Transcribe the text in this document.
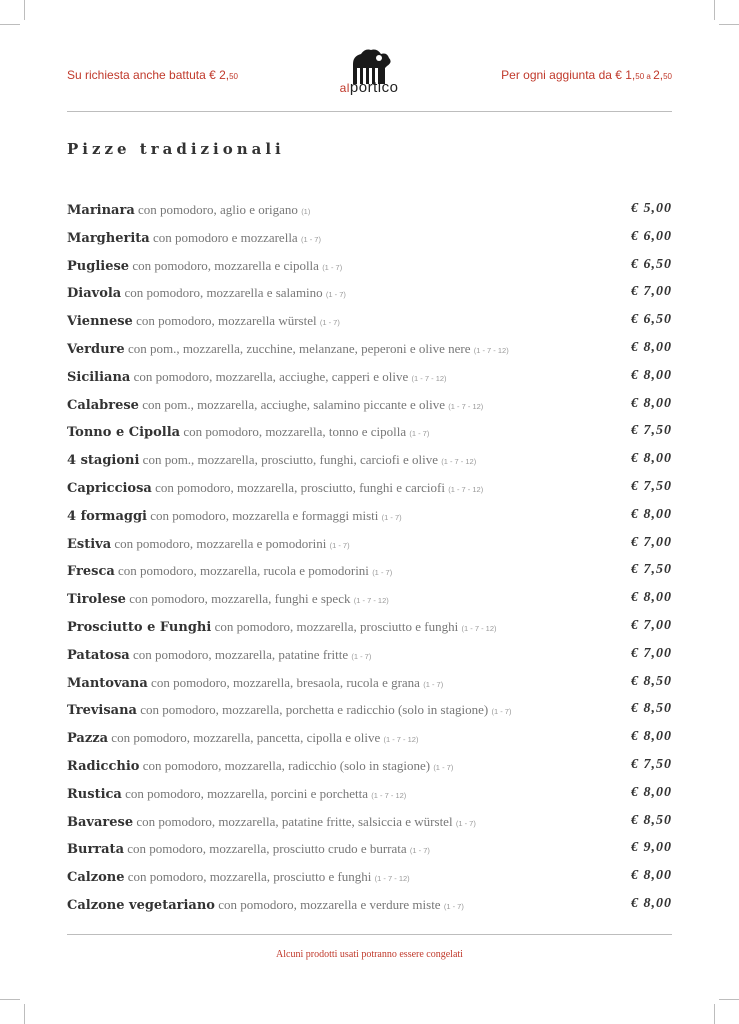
Su richiesta anche battuta € 2,50
alportico
Per ogni aggiunta da € 1,50 a 2,50
Pizze tradizionali
Marinara con pomodoro, aglio e origano (1)	€ 5,00
Margherita con pomodoro e mozzarella (1 - 7)	€ 6,00
Pugliese con pomodoro, mozzarella e cipolla (1 - 7)	€ 6,50
Diavola con pomodoro, mozzarella e salamino (1 - 7)	€ 7,00
Viennese con pomodoro, mozzarella würstel (1 - 7)	€ 6,50
Verdure con pom., mozzarella, zucchine, melanzane, peperoni e olive nere (1 - 7 - 12)	€ 8,00
Siciliana con pomodoro, mozzarella, acciughe, capperi e olive (1 - 7 - 12)	€ 8,00
Calabrese con pom., mozzarella, acciughe, salamino piccante e olive (1 - 7 - 12)	€ 8,00
Tonno e Cipolla con pomodoro, mozzarella, tonno e cipolla (1 - 7)	€ 7,50
4 stagioni con pom., mozzarella, prosciutto, funghi, carciofi e olive (1 - 7 - 12)	€ 8,00
Capricciosa con pomodoro, mozzarella, prosciutto, funghi e carciofi (1 - 7 - 12)	€ 7,50
4 formaggi con pomodoro, mozzarella e formaggi misti (1 - 7)	€ 8,00
Estiva con pomodoro, mozzarella e pomodorini (1 - 7)	€ 7,00
Fresca con pomodoro, mozzarella, rucola e pomodorini (1 - 7)	€ 7,50
Tirolese con pomodoro, mozzarella, funghi e speck (1 - 7 - 12)	€ 8,00
Prosciutto e Funghi con pomodoro, mozzarella, prosciutto e funghi (1 - 7 - 12)	€ 7,00
Patatosa con pomodoro, mozzarella, patatine fritte (1 - 7)	€ 7,00
Mantovana con pomodoro, mozzarella, bresaola, rucola e grana (1 - 7)	€ 8,50
Trevisana con pomodoro, mozzarella, porchetta e radicchio (solo in stagione) (1 - 7)	€ 8,50
Pazza con pomodoro, mozzarella, pancetta, cipolla e olive (1 - 7 - 12)	€ 8,00
Radicchio con pomodoro, mozzarella, radicchio (solo in stagione) (1 - 7)	€ 7,50
Rustica con pomodoro, mozzarella, porcini e porchetta (1 - 7 - 12)	€ 8,00
Bavarese con pomodoro, mozzarella, patatine fritte, salsiccia e würstel (1 - 7)	€ 8,50
Burrata con pomodoro, mozzarella, prosciutto crudo e burrata (1 - 7)	€ 9,00
Calzone con pomodoro, mozzarella, prosciutto e funghi (1 - 7 - 12)	€ 8,00
Calzone vegetariano con pomodoro, mozzarella e verdure miste (1 - 7)	€ 8,00
Alcuni prodotti usati potranno essere congelati
